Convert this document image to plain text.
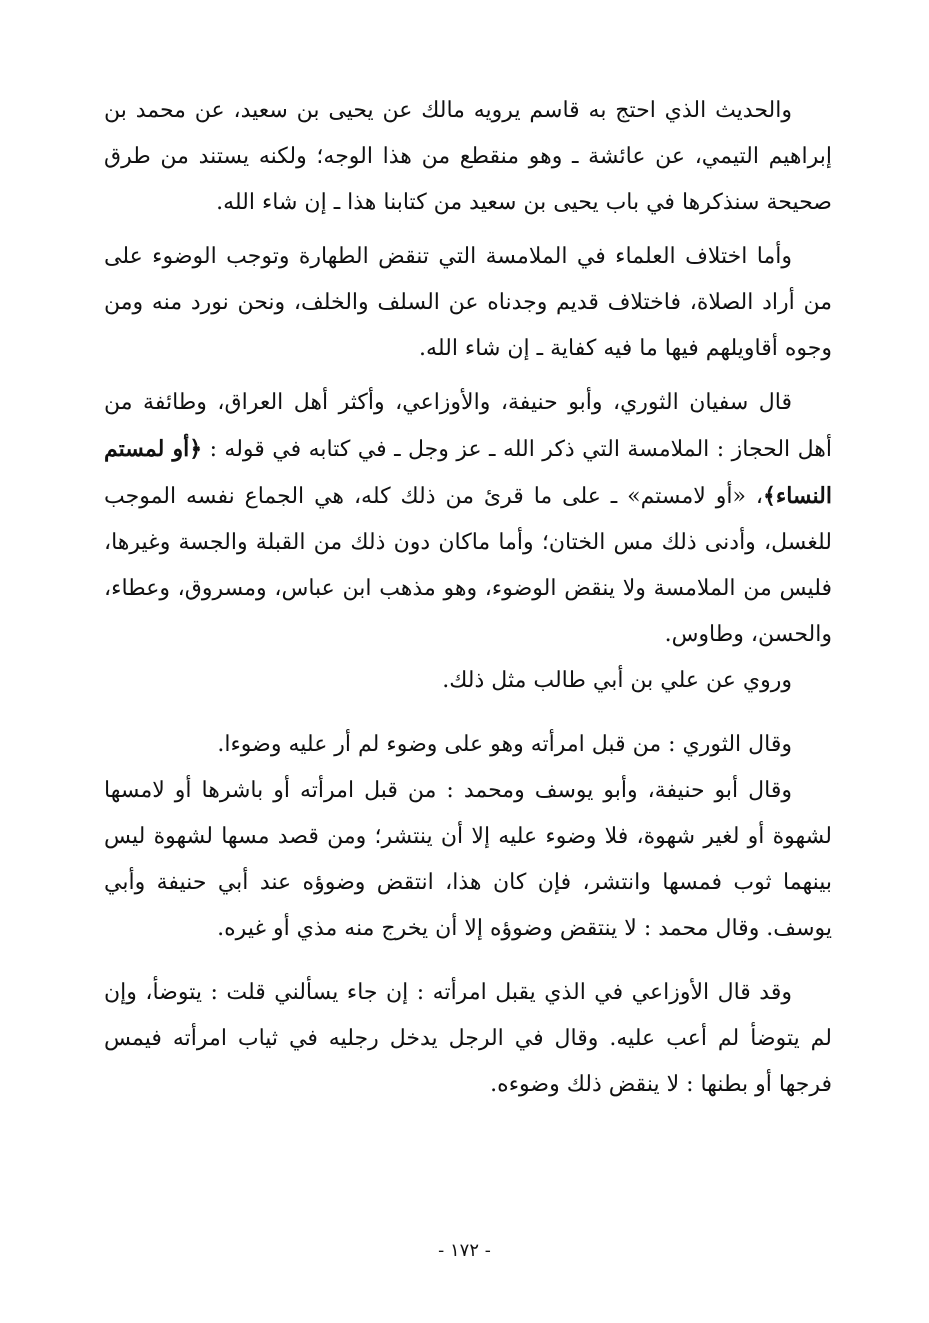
والحديث الذي احتج به قاسم يرويه مالك عن يحيى بن سعيد، عن محمد بن إبراهيم التيمي، عن عائشة ـ وهو منقطع من هذا الوجه؛ ولكنه يستند من طرق صحيحة سنذكرها في باب يحيى بن سعيد من كتابنا هذا ـ إن شاء الله.

وأما اختلاف العلماء في الملامسة التي تنقض الطهارة وتوجب الوضوء على من أراد الصلاة، فاختلاف قديم وجدناه عن السلف والخلف، ونحن نورد منه ومن وجوه أقاويلهم فيها ما فيه كفاية ـ إن شاء الله.

قال سفيان الثوري، وأبو حنيفة، والأوزاعي، وأكثر أهل العراق، وطائفة من أهل الحجاز : الملامسة التي ذكر الله ـ عز وجل ـ في كتابه في قوله : ﴿أو لمستم النساء﴾، «أو لامستم» ـ على ما قرئ من ذلك كله، هي الجماع نفسه الموجب للغسل، وأدنى ذلك مس الختان؛ وأما ماكان دون ذلك من القبلة والجسة وغيرها، فليس من الملامسة ولا ينقض الوضوء، وهو مذهب ابن عباس، ومسروق، وعطاء، والحسن، وطاوس.

وروي عن علي بن أبي طالب مثل ذلك.

وقال الثوري : من قبل امرأته وهو على وضوء لم أر عليه وضوءا.

وقال أبو حنيفة، وأبو يوسف ومحمد : من قبل امرأته أو باشرها أو لامسها لشهوة أو لغير شهوة، فلا وضوء عليه إلا أن ينتشر؛ ومن قصد مسها لشهوة ليس بينهما ثوب فمسها وانتشر، فإن كان هذا، انتقض وضوؤه عند أبي حنيفة وأبي يوسف. وقال محمد : لا ينتقض وضوؤه إلا أن يخرج منه مذي أو غيره.

وقد قال الأوزاعي في الذي يقبل امرأته : إن جاء يسألني قلت : يتوضأ، وإن لم يتوضأ لم أعب عليه. وقال في الرجل يدخل رجليه في ثياب امرأته فيمس فرجها أو بطنها : لا ينقض ذلك وضوءه.

- ١٧٢ -
